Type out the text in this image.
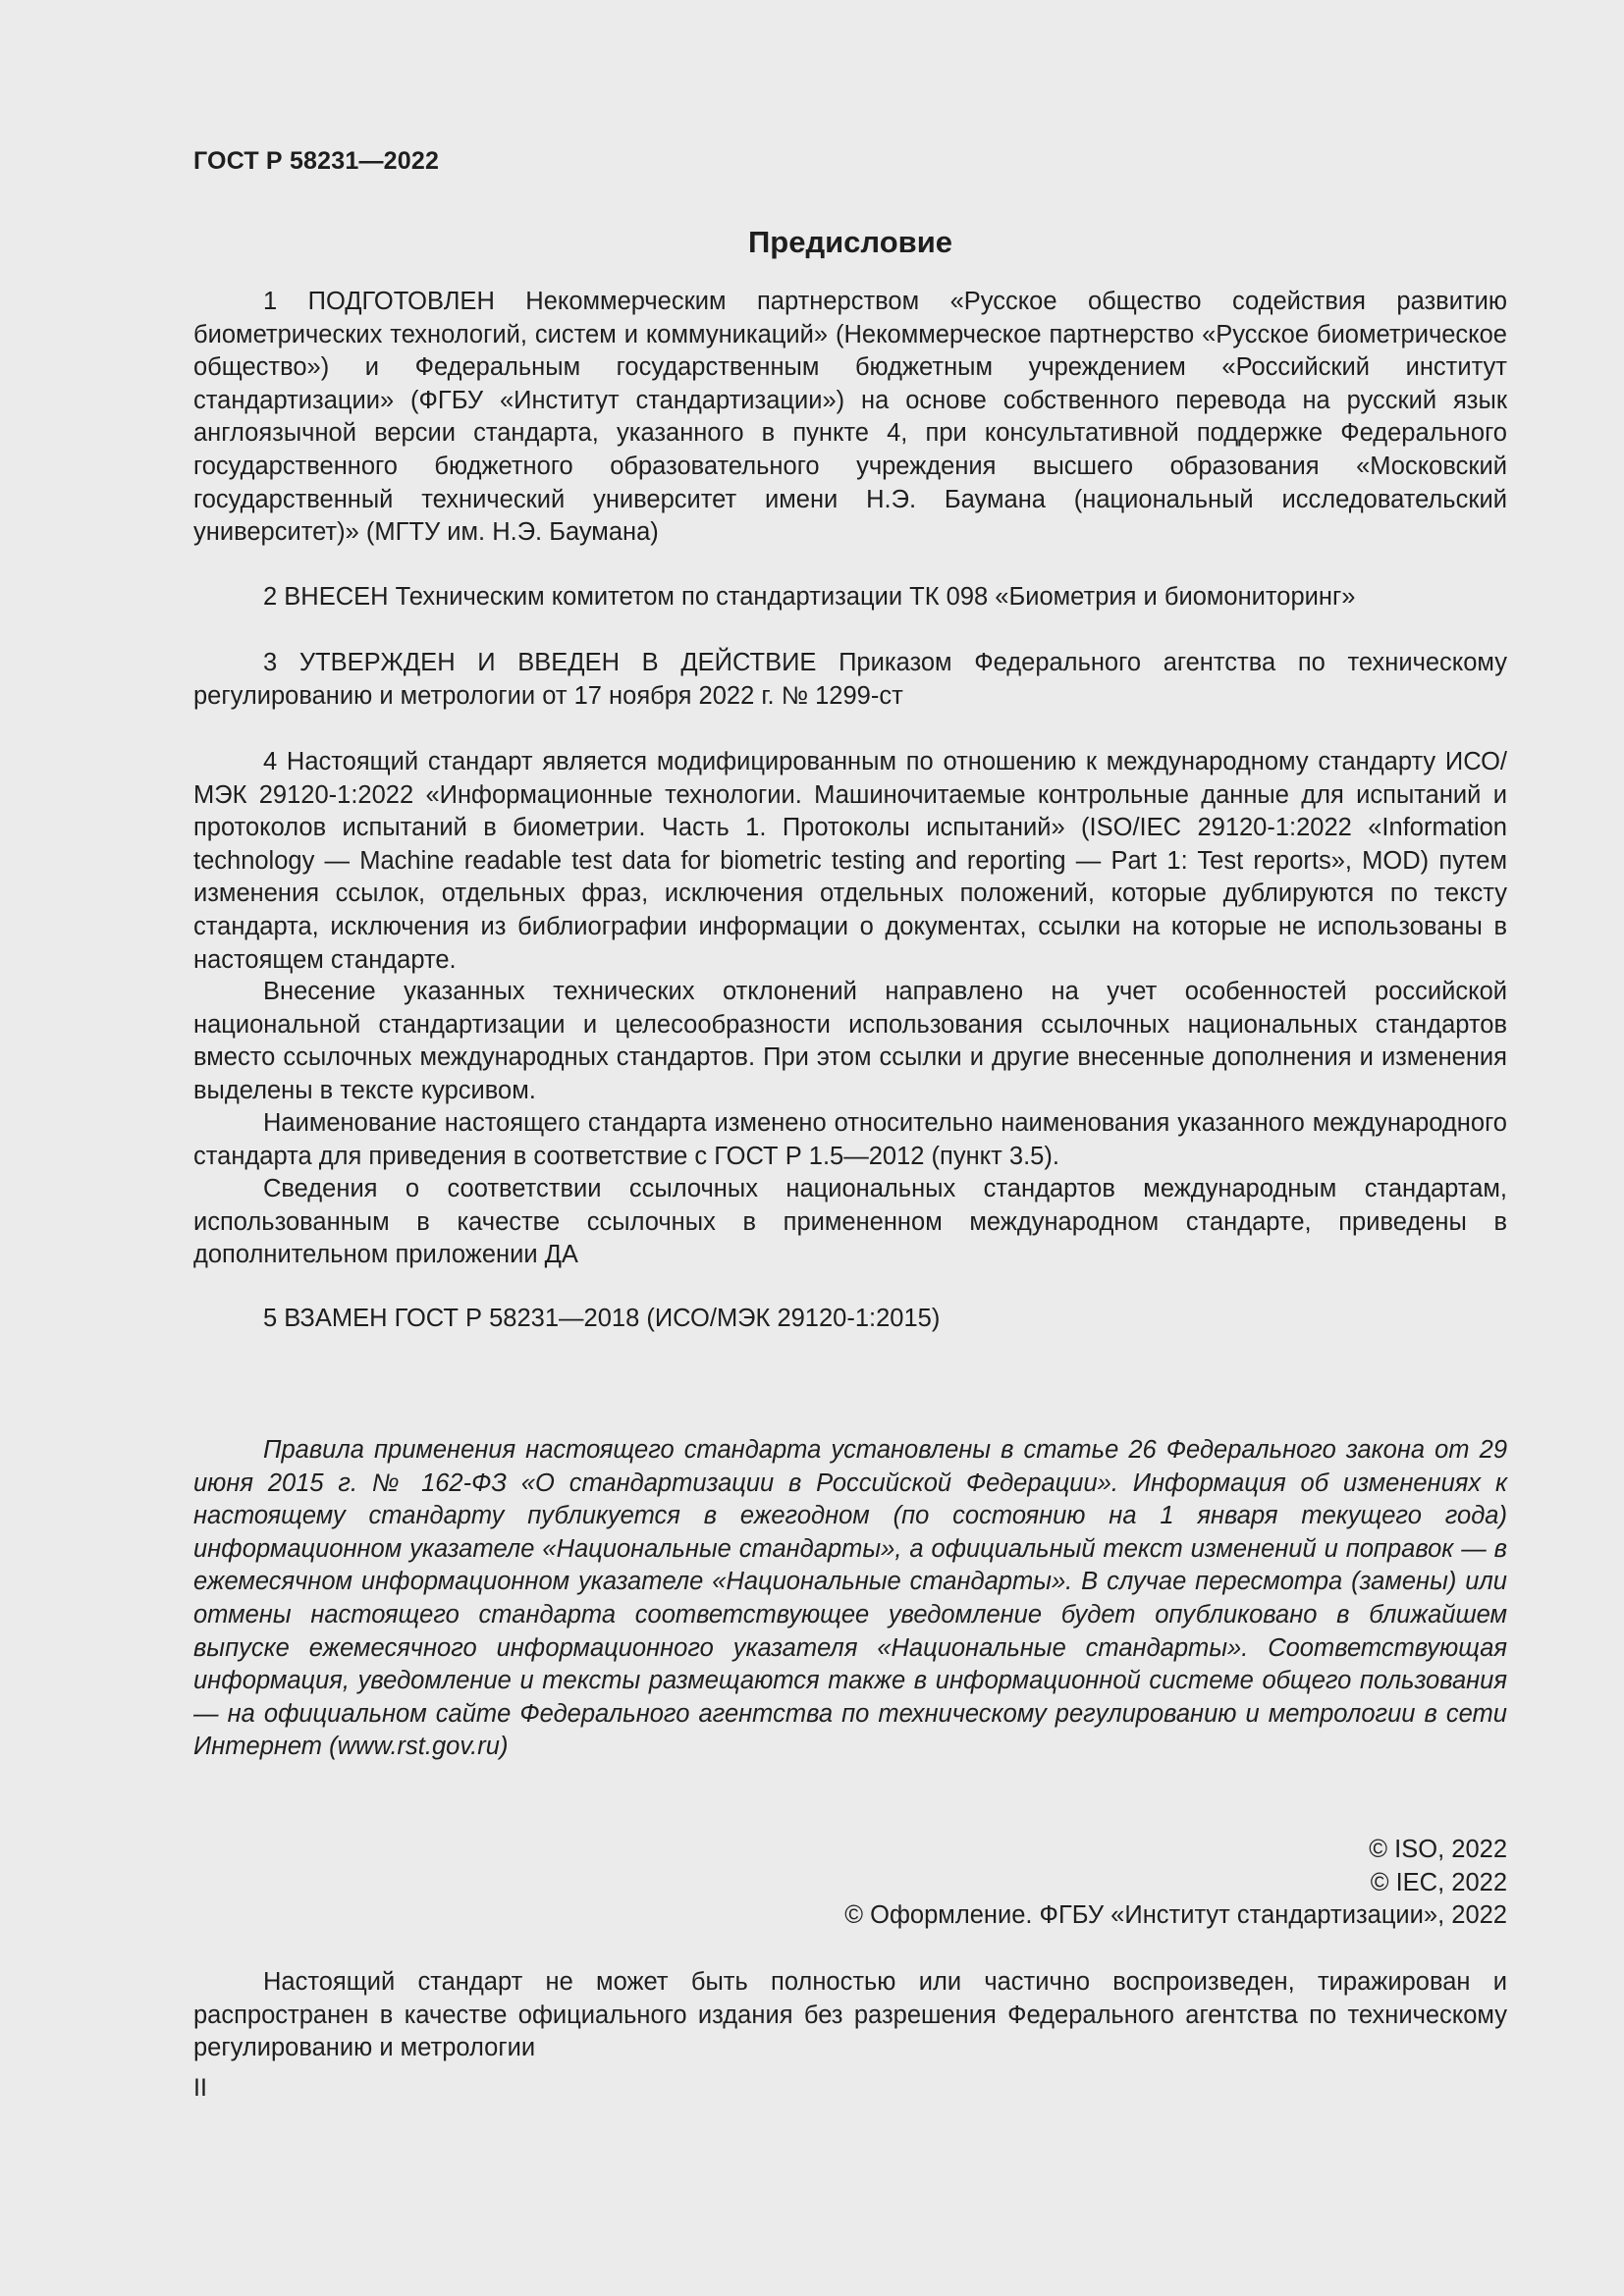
ГОСТ Р 58231—2022
Предисловие

1 ПОДГОТОВЛЕН Некоммерческим партнерством «Русское общество содействия развитию биометрических технологий, систем и коммуникаций» (Некоммерческое партнерство «Русское биометрическое общество») и Федеральным государственным бюджетным учреждением «Российский институт стандартизации» (ФГБУ «Институт стандартизации») на основе собственного перевода на русский язык англоязычной версии стандарта, указанного в пункте 4, при консультативной поддержке Федерального государственного бюджетного образовательного учреждения высшего образования «Московский государственный технический университет имени Н.Э. Баумана (национальный исследовательский университет)» (МГТУ им. Н.Э. Баумана)

2 ВНЕСЕН Техническим комитетом по стандартизации ТК 098 «Биометрия и биомониторинг»

3 УТВЕРЖДЕН И ВВЕДЕН В ДЕЙСТВИЕ Приказом Федерального агентства по техническому регулированию и метрологии от 17 ноября 2022 г. № 1299-ст

4 Настоящий стандарт является модифицированным по отношению к международному стандарту ИСО/МЭК 29120-1:2022 «Информационные технологии. Машиночитаемые контрольные данные для испытаний и протоколов испытаний в биометрии. Часть 1. Протоколы испытаний» (ISO/IEC 29120-1:2022 «Information technology — Machine readable test data for biometric testing and reporting — Part 1: Test reports», MOD) путем изменения ссылок, отдельных фраз, исключения отдельных положений, которые дублируются по тексту стандарта, исключения из библиографии информации о документах, ссылки на которые не использованы в настоящем стандарте.

Внесение указанных технических отклонений направлено на учет особенностей российской национальной стандартизации и целесообразности использования ссылочных национальных стандартов вместо ссылочных международных стандартов. При этом ссылки и другие внесенные дополнения и изменения выделены в тексте курсивом.

Наименование настоящего стандарта изменено относительно наименования указанного международного стандарта для приведения в соответствие с ГОСТ Р 1.5—2012 (пункт 3.5).

Сведения о соответствии ссылочных национальных стандартов международным стандартам, использованным в качестве ссылочных в примененном международном стандарте, приведены в дополнительном приложении ДА

5 ВЗАМЕН ГОСТ Р 58231—2018 (ИСО/МЭК 29120-1:2015)

Правила применения настоящего стандарта установлены в статье 26 Федерального закона от 29 июня 2015 г. № 162-ФЗ «О стандартизации в Российской Федерации». Информация об изменениях к настоящему стандарту публикуется в ежегодном (по состоянию на 1 января текущего года) информационном указателе «Национальные стандарты», а официальный текст изменений и поправок — в ежемесячном информационном указателе «Национальные стандарты». В случае пересмотра (замены) или отмены настоящего стандарта соответствующее уведомление будет опубликовано в ближайшем выпуске ежемесячного информационного указателя «Национальные стандарты». Соответствующая информация, уведомление и тексты размещаются также в информационной системе общего пользования — на официальном сайте Федерального агентства по техническому регулированию и метрологии в сети Интернет (www.rst.gov.ru)

© ISO, 2022
© IEC, 2022
© Оформление. ФГБУ «Институт стандартизации», 2022

Настоящий стандарт не может быть полностью или частично воспроизведен, тиражирован и распространен в качестве официального издания без разрешения Федерального агентства по техническому регулированию и метрологии

II
